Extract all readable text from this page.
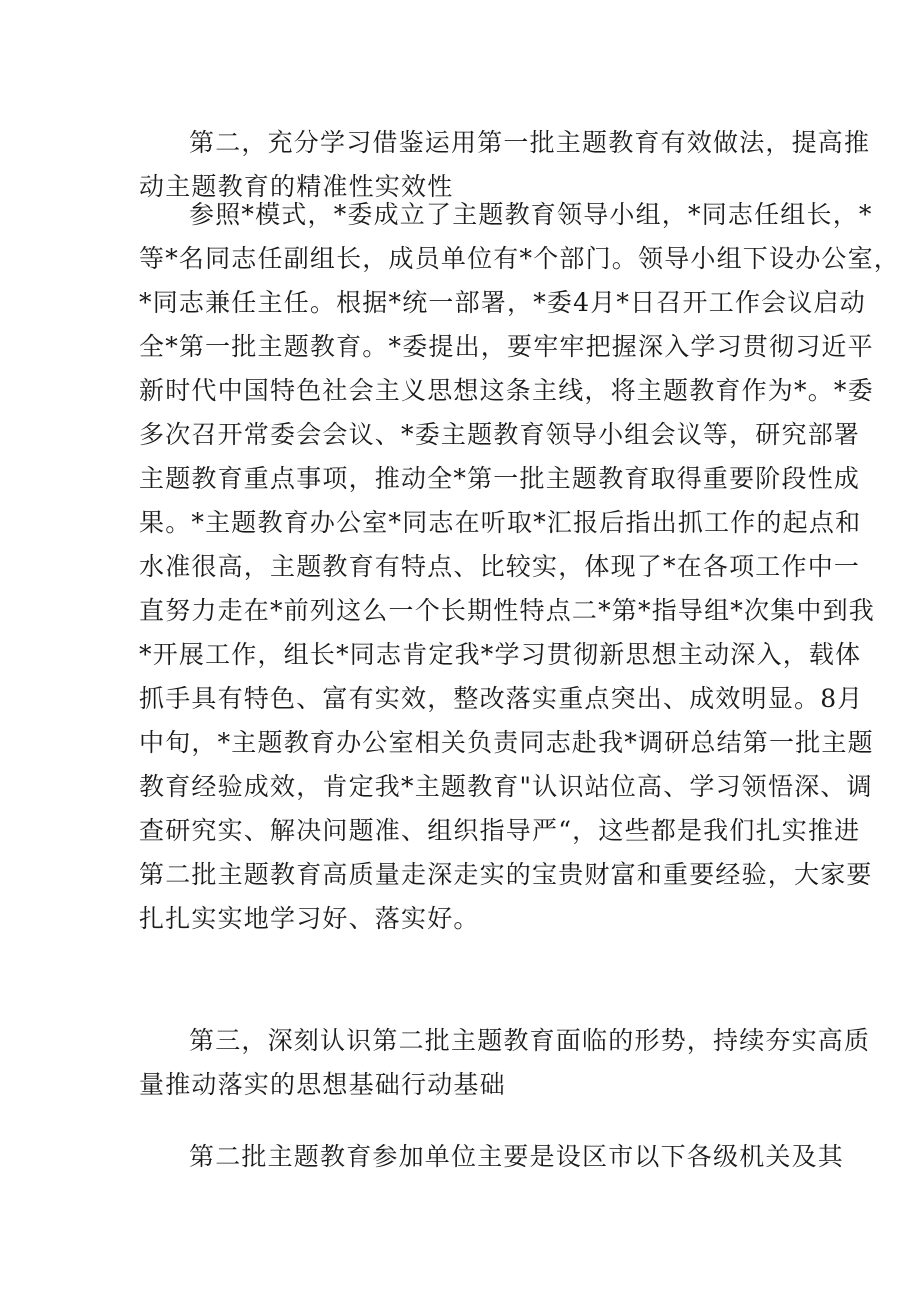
第二，充分学习借鉴运用第一批主题教育有效做法，提高推
动主题教育的精准性实效性

参照*模式，*委成立了主题教育领导小组，*同志任组长，*
等*名同志任副组长，成员单位有*个部门。领导小组下设办公室，
*同志兼任主任。根据*统一部署，*委4月*日召开工作会议启动
全*第一批主题教育。*委提出，要牢牢把握深入学习贯彻习近平
新时代中国特色社会主义思想这条主线，将主题教育作为*。*委
多次召开常委会会议、*委主题教育领导小组会议等，研究部署
主题教育重点事项，推动全*第一批主题教育取得重要阶段性成
果。*主题教育办公室*同志在听取*汇报后指出抓工作的起点和
水准很高，主题教育有特点、比较实，体现了*在各项工作中一
直努力走在*前列这么一个长期性特点二*第*指导组*次集中到我
*开展工作，组长*同志肯定我*学习贯彻新思想主动深入，载体
抓手具有特色、富有实效，整改落实重点突出、成效明显。8月
中旬，*主题教育办公室相关负责同志赴我*调研总结第一批主题
教育经验成效，肯定我*主题教育"认识站位高、学习领悟深、调
查研究实、解决问题准、组织指导严“，这些都是我们扎实推进
第二批主题教育高质量走深走实的宝贵财富和重要经验，大家要
扎扎实实地学习好、落实好。

第三，深刻认识第二批主题教育面临的形势，持续夯实高质
量推动落实的思想基础行动基础

第二批主题教育参加单位主要是设区市以下各级机关及其
